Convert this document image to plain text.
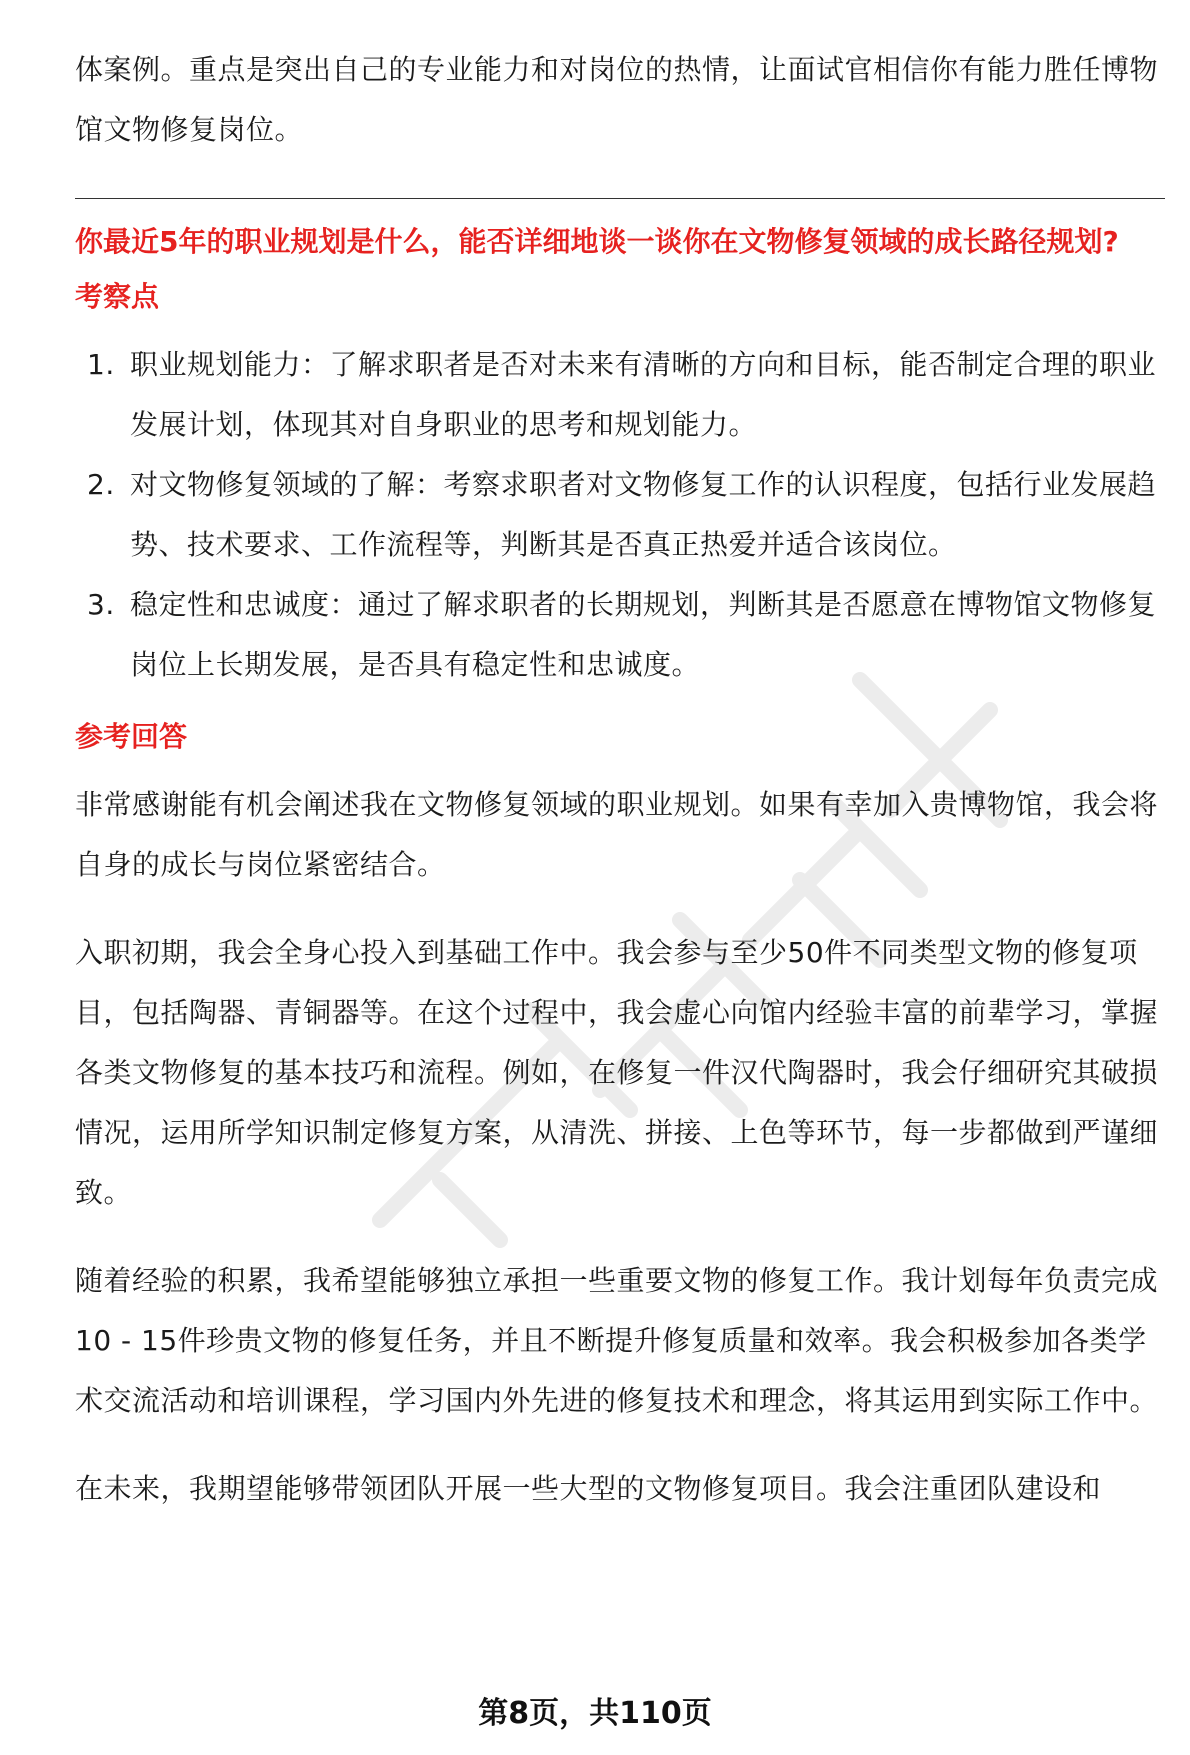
体案例。重点是突出自己的专业能力和对岗位的热情，让面试官相信你有能力胜任博物馆文物修复岗位。

你最近5年的职业规划是什么，能否详细地谈一谈你在文物修复领域的成长路径规划?

考察点
1. 职业规划能力：了解求职者是否对未来有清晰的方向和目标，能否制定合理的职业发展计划，体现其对自身职业的思考和规划能力。
2. 对文物修复领域的了解：考察求职者对文物修复工作的认识程度，包括行业发展趋势、技术要求、工作流程等，判断其是否真正热爱并适合该岗位。
3. 稳定性和忠诚度：通过了解求职者的长期规划，判断其是否愿意在博物馆文物修复岗位上长期发展，是否具有稳定性和忠诚度。
参考回答

非常感谢能有机会阐述我在文物修复领域的职业规划。如果有幸加入贵博物馆，我会将自身的成长与岗位紧密结合。

入职初期，我会全身心投入到基础工作中。我会参与至少50件不同类型文物的修复项目，包括陶器、青铜器等。在这个过程中，我会虚心向馆内经验丰富的前辈学习，掌握各类文物修复的基本技巧和流程。例如，在修复一件汉代陶器时，我会仔细研究其破损情况，运用所学知识制定修复方案，从清洗、拼接、上色等环节，每一步都做到严谨细致。

随着经验的积累，我希望能够独立承担一些重要文物的修复工作。我计划每年负责完成10 - 15件珍贵文物的修复任务，并且不断提升修复质量和效率。我会积极参加各类学术交流活动和培训课程，学习国内外先进的修复技术和理念，将其运用到实际工作中。

在未来，我期望能够带领团队开展一些大型的文物修复项目。我会注重团队建设和

第8页，共110页
